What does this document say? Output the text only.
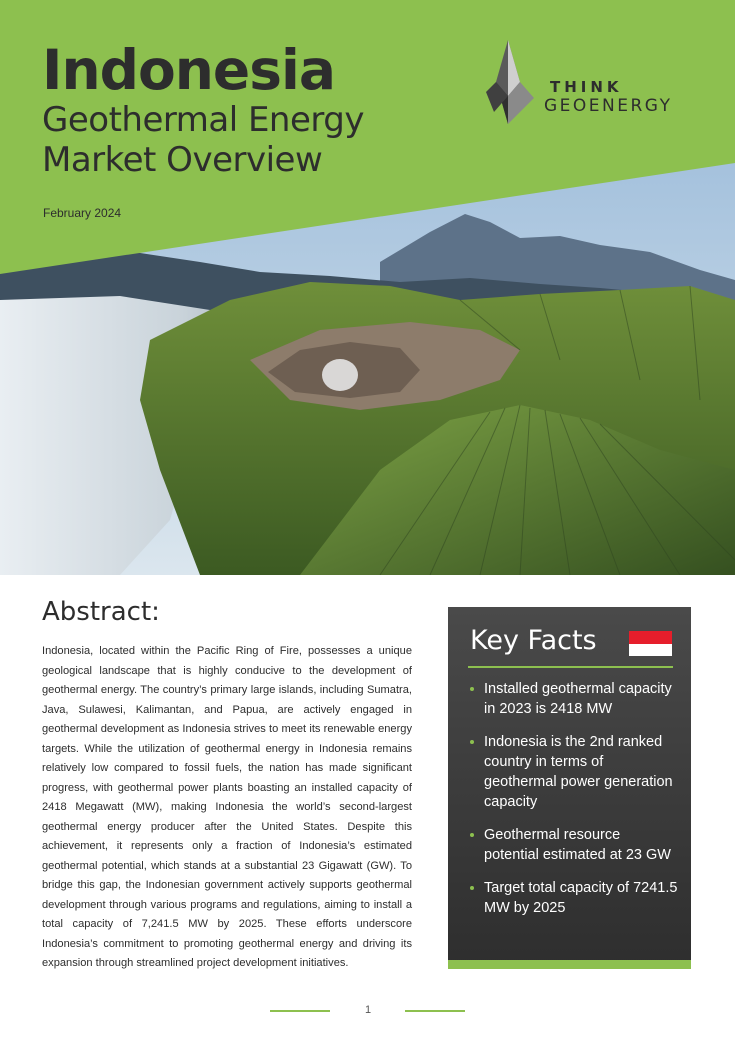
Indonesia
Geothermal Energy
Market Overview
February 2024
THINK
GEOENERGY
Abstract:
Indonesia, located within the Pacific Ring of Fire, possesses a unique geological landscape that is highly conducive to the development of geothermal energy. The country’s primary large islands, including Sumatra, Java, Sulawesi, Kalimantan, and Papua, are actively engaged in geothermal development as Indonesia strives to meet its renewable energy targets. While the utilization of geothermal energy in Indonesia remains relatively low compared to fossil fuels, the nation has made significant progress, with geothermal power plants boasting an installed capacity of 2418 Megawatt (MW), making Indonesia the world’s second-largest geothermal energy producer after the United States. Despite this achievement, it represents only a fraction of Indonesia’s estimated geothermal potential, which stands at a substantial 23 Gigawatt (GW). To bridge this gap, the Indonesian government actively supports geothermal development through various programs and regulations, aiming to install a total capacity of 7,241.5 MW by 2025. These efforts underscore Indonesia’s commitment to promoting geothermal energy and driving its expansion through streamlined project development initiatives.
Key Facts
Installed geothermal capacity in 2023 is 2418 MW
Indonesia is the 2nd ranked country in terms of geothermal power generation capacity
Geothermal resource potential estimated at 23 GW
Target total capacity of 7241.5 MW by 2025
1
